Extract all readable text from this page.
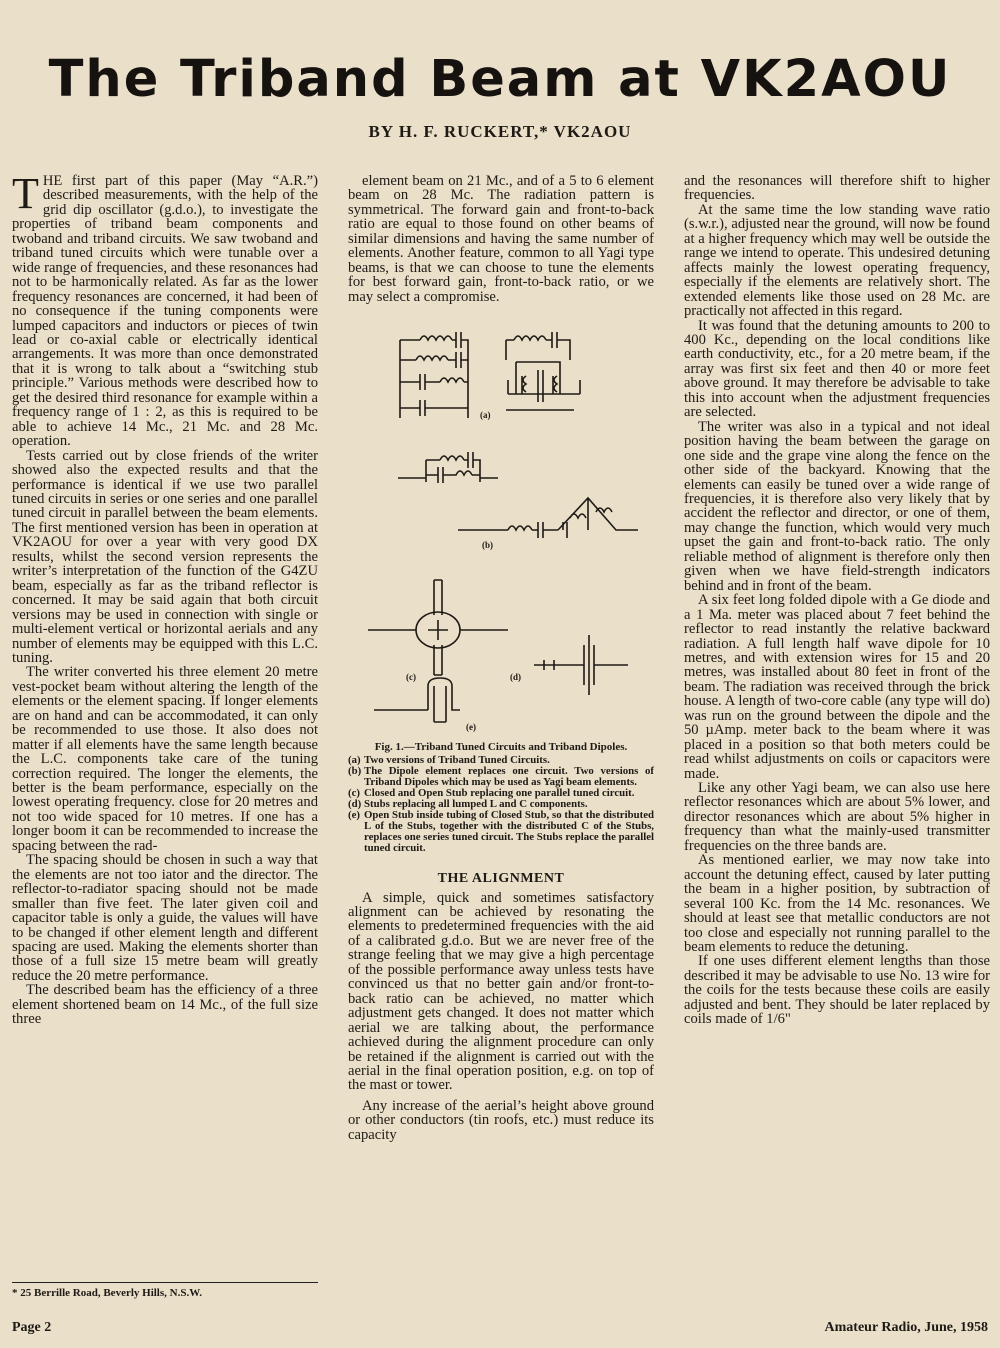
The Triband Beam at VK2AOU
BY H. F. RUCKERT,* VK2AOU

THE first part of this paper (May “A.R.”) described measurements, with the help of the grid dip oscillator (g.d.o.), to investigate the properties of triband beam components and twoband and triband circuits. We saw twoband and triband tuned circuits which were tunable over a wide range of frequencies, and these resonances had not to be harmonically related. As far as the lower frequency resonances are concerned, it had been of no consequence if the tuning components were lumped capacitors and inductors or pieces of twin lead or co-axial cable or electrically identical arrangements. It was more than once demonstrated that it is wrong to talk about a “switching stub principle.” Various methods were described how to get the desired third resonance for example within a frequency range of 1 : 2, as this is required to be able to achieve 14 Mc., 21 Mc. and 28 Mc. operation.

Tests carried out by close friends of the writer showed also the expected results and that the performance is identical if we use two parallel tuned circuits in series or one series and one parallel tuned circuit in parallel between the beam elements. The first mentioned version has been in operation at VK2AOU for over a year with very good DX results, whilst the second version represents the writer’s interpretation of the function of the G4ZU beam, especially as far as the triband reflector is concerned. It may be said again that both circuit versions may be used in connection with single or multi-element vertical or horizontal aerials and any number of elements may be equipped with this L.C. tuning.

The writer converted his three element 20 metre vest-pocket beam without altering the length of the elements or the element spacing. If longer elements are on hand and can be accommodated, it can only be recommended to use those. It also does not matter if all elements have the same length because the L.C. components take care of the tuning correction required. The longer the elements, the better is the beam performance, especially on the lowest operating frequency. close for 20 metres and not too wide spaced for 10 metres. If one has a longer boom it can be recommended to increase the spacing between the rad-

The spacing should be chosen in such a way that the elements are not too iator and the director. The reflector-to-radiator spacing should not be made smaller than five feet. The later given coil and capacitor table is only a guide, the values will have to be changed if other element length and different spacing are used. Making the elements shorter than those of a full size 15 metre beam will greatly reduce the 20 metre performance.

The described beam has the efficiency of a three element shortened beam on 14 Mc., of the full size three

element beam on 21 Mc., and of a 5 to 6 element beam on 28 Mc. The radiation pattern is symmetrical. The forward gain and front-to-back ratio are equal to those found on other beams of similar dimensions and having the same number of elements. Another feature, common to all Yagi type beams, is that we can choose to tune the elements for best forward gain, front-to-back ratio, or we may select a compromise.

(a)
(b)
(c)	(d)
(e)
Fig. 1.—Triband Tuned Circuits and Triband Dipoles.
(a) Two versions of Triband Tuned Circuits.
(b) The Dipole element replaces one circuit. Two versions of Triband Dipoles which may be used as Yagi beam elements.
(c) Closed and Open Stub replacing one parallel tuned circuit.
(d) Stubs replacing all lumped L and C components.
(e) Open Stub inside tubing of Closed Stub, so that the distributed L of the Stubs, together with the distributed C of the Stubs, replaces one series tuned circuit. The Stubs replace the parallel tuned circuit.
THE ALIGNMENT

A simple, quick and sometimes satisfactory alignment can be achieved by resonating the elements to predetermined frequencies with the aid of a calibrated g.d.o. But we are never free of the strange feeling that we may give a high percentage of the possible performance away unless tests have convinced us that no better gain and/or front-to-back ratio can be achieved, no matter which adjustment gets changed. It does not matter which aerial we are talking about, the performance achieved during the alignment procedure can only be retained if the alignment is carried out with the aerial in the final operation position, e.g. on top of the mast or tower.

Any increase of the aerial’s height above ground or other conductors (tin roofs, etc.) must reduce its capacity

and the resonances will therefore shift to higher frequencies.

At the same time the low standing wave ratio (s.w.r.), adjusted near the ground, will now be found at a higher frequency which may well be outside the range we intend to operate. This undesired detuning affects mainly the lowest operating frequency, especially if the elements are relatively short. The extended elements like those used on 28 Mc. are practically not affected in this regard.

It was found that the detuning amounts to 200 to 400 Kc., depending on the local conditions like earth conductivity, etc., for a 20 metre beam, if the array was first six feet and then 40 or more feet above ground. It may therefore be advisable to take this into account when the adjustment frequencies are selected.

The writer was also in a typical and not ideal position having the beam between the garage on one side and the grape vine along the fence on the other side of the backyard. Knowing that the elements can easily be tuned over a wide range of frequencies, it is therefore also very likely that by accident the reflector and director, or one of them, may change the function, which would very much upset the gain and front-to-back ratio. The only reliable method of alignment is therefore only then given when we have field-strength indicators behind and in front of the beam.

A six feet long folded dipole with a Ge diode and a 1 Ma. meter was placed about 7 feet behind the reflector to read instantly the relative backward radiation. A full length half wave dipole for 10 metres, and with extension wires for 15 and 20 metres, was installed about 80 feet in front of the beam. The radiation was received through the brick house. A length of two-core cable (any type will do) was run on the ground between the dipole and the 50 µAmp. meter back to the beam where it was placed in a position so that both meters could be read whilst adjustments on coils or capacitors were made.

Like any other Yagi beam, we can also use here reflector resonances which are about 5% lower, and director resonances which are about 5% higher in frequency than what the mainly-used transmitter frequencies on the three bands are.

As mentioned earlier, we may now take into account the detuning effect, caused by later putting the beam in a higher position, by subtraction of several 100 Kc. from the 14 Mc. resonances. We should at least see that metallic conductors are not too close and especially not running parallel to the beam elements to reduce the detuning.

If one uses different element lengths than those described it may be advisable to use No. 13 wire for the coils for the tests because these coils are easily adjusted and bent. They should be later replaced by coils made of 1/6"

* 25 Berrille Road, Beverly Hills, N.S.W.
Page 2	Amateur Radio, June, 1958
